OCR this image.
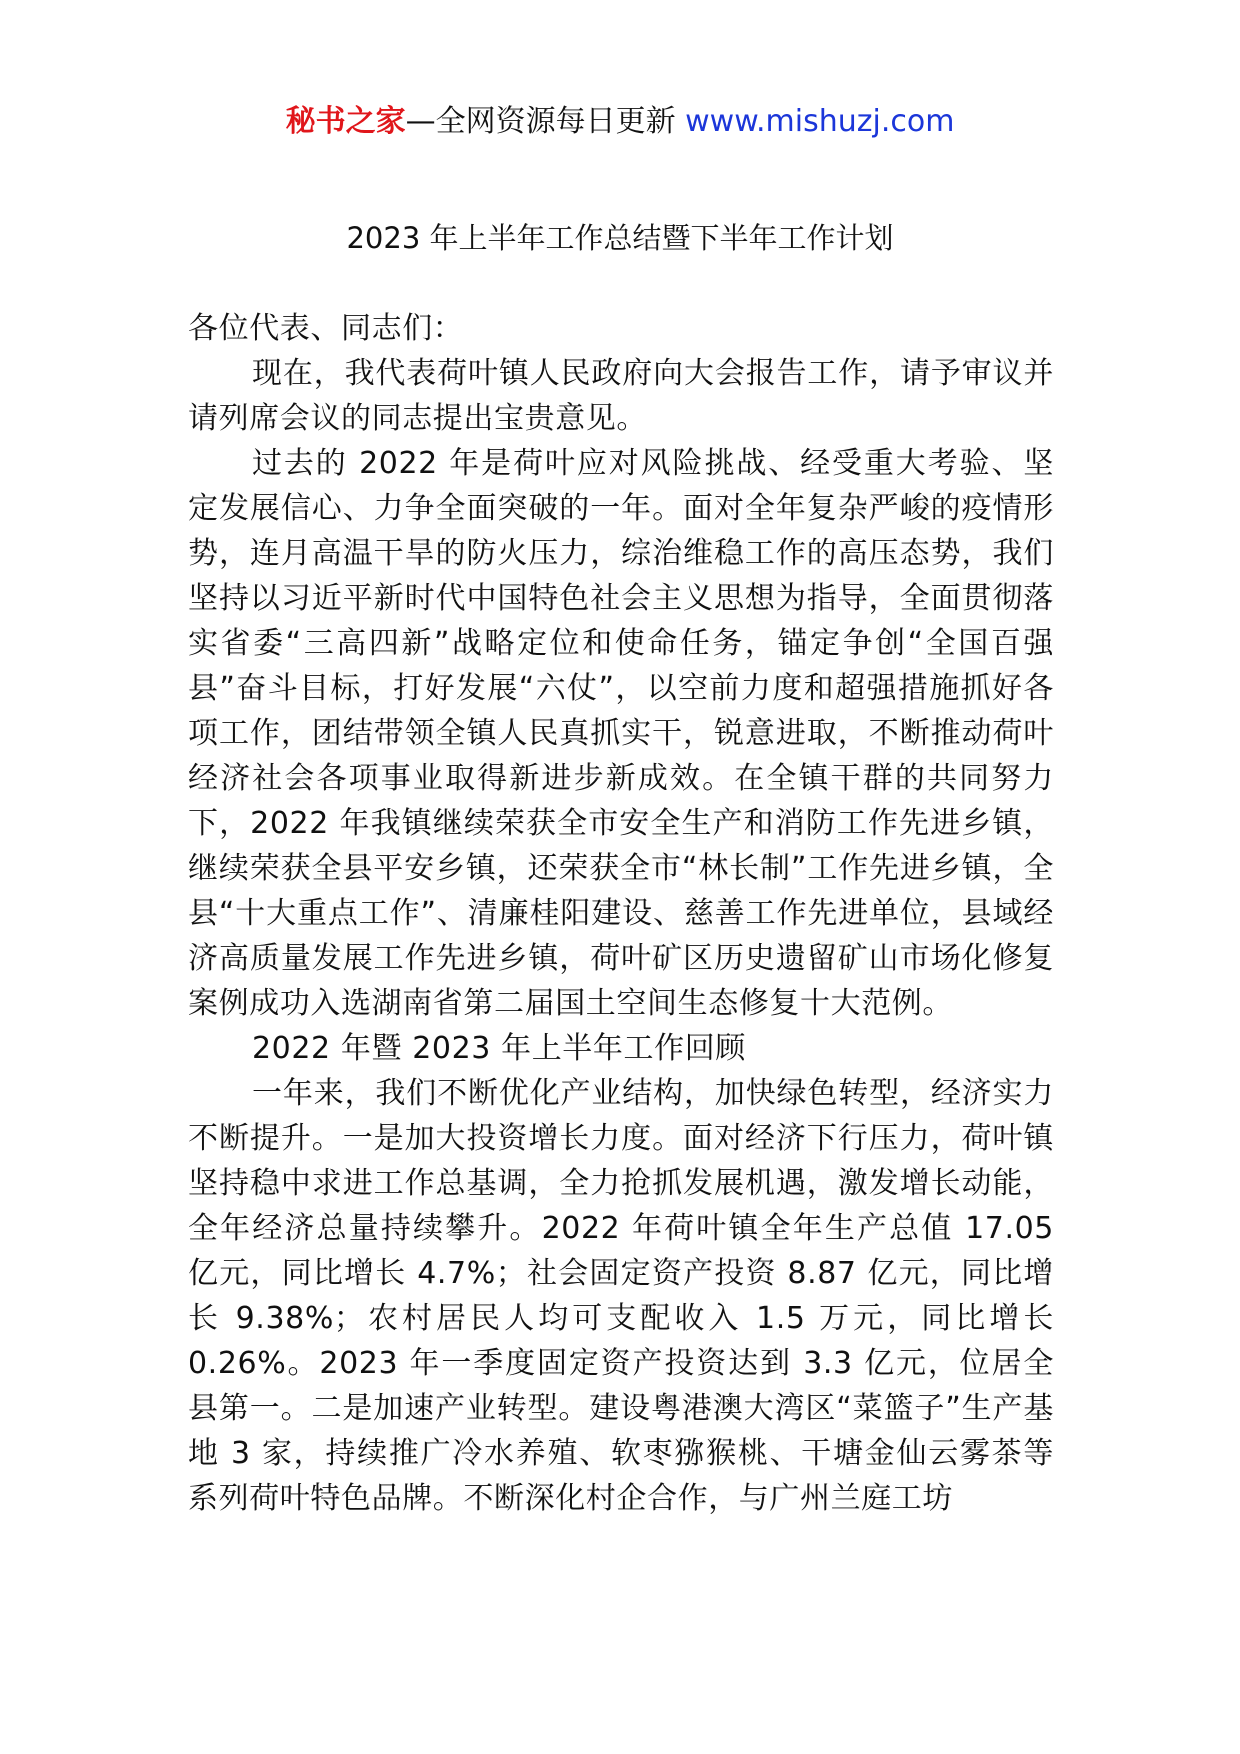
秘书之家—全网资源每日更新 www.mishuzj.com
2023 年上半年工作总结暨下半年工作计划

各位代表、同志们：

现在，我代表荷叶镇人民政府向大会报告工作，请予审议并请列席会议的同志提出宝贵意见。

过去的 2022 年是荷叶应对风险挑战、经受重大考验、坚定发展信心、力争全面突破的一年。面对全年复杂严峻的疫情形势，连月高温干旱的防火压力，综治维稳工作的高压态势，我们坚持以习近平新时代中国特色社会主义思想为指导，全面贯彻落实省委“三高四新”战略定位和使命任务，锚定争创“全国百强县”奋斗目标，打好发展“六仗”，以空前力度和超强措施抓好各项工作，团结带领全镇人民真抓实干，锐意进取，不断推动荷叶经济社会各项事业取得新进步新成效。在全镇干群的共同努力下，2022 年我镇继续荣获全市安全生产和消防工作先进乡镇，继续荣获全县平安乡镇，还荣获全市“林长制”工作先进乡镇，全县“十大重点工作”、清廉桂阳建设、慈善工作先进单位，县域经济高质量发展工作先进乡镇，荷叶矿区历史遗留矿山市场化修复案例成功入选湖南省第二届国土空间生态修复十大范例。

2022 年暨 2023 年上半年工作回顾

一年来，我们不断优化产业结构，加快绿色转型，经济实力不断提升。一是加大投资增长力度。面对经济下行压力，荷叶镇坚持稳中求进工作总基调，全力抢抓发展机遇，激发增长动能，全年经济总量持续攀升。2022 年荷叶镇全年生产总值 17.05 亿元，同比增长 4.7%；社会固定资产投资 8.87 亿元，同比增长 9.38%；农村居民人均可支配收入 1.5 万元，同比增长 0.26%。2023 年一季度固定资产投资达到 3.3 亿元，位居全县第一。二是加速产业转型。建设粤港澳大湾区“菜篮子”生产基地 3 家，持续推广冷水养殖、软枣猕猴桃、干塘金仙云雾茶等系列荷叶特色品牌。不断深化村企合作，与广州兰庭工坊
